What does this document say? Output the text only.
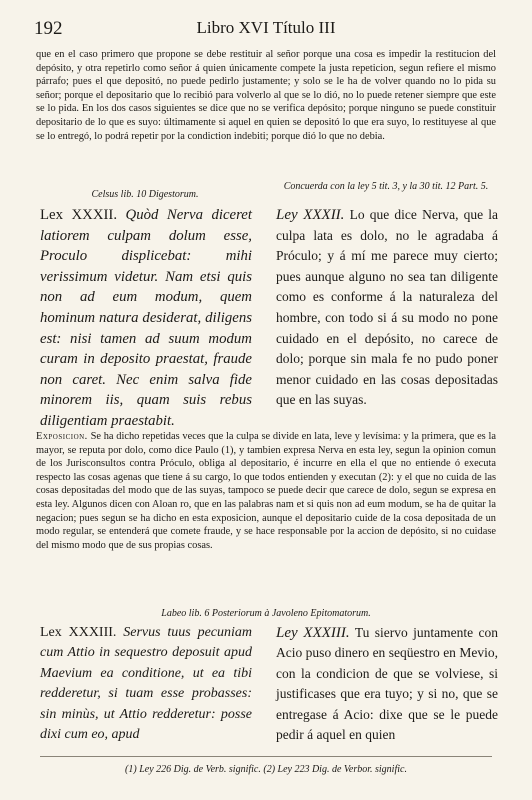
192	Libro XVI Título III

que en el caso primero que propone se debe restituir al señor porque una cosa es impedir la restitucion del depósito, y otra repetirlo como señor á quien únicamente compete la justa repeticion, segun refiere el mismo párrafo; pues el que depositó, no puede pedirlo justamente; y solo se le ha de volver quando no lo pida su señor; porque el depositario que lo recibió para volverlo al que se lo dió, no lo puede retener siempre que este se lo pida. En los dos casos siguientes se dice que no se verifica depósito; porque ninguno se puede constituir depositario de lo que es suyo: últimamente si aquel en quien se depositó lo que era suyo, lo restituyese al que se lo entregó, lo podrá repetir por la condiction indebiti; porque dió lo que no debia.

Celsus lib. 10 Digestorum.
Concuerda con la ley 5 tit. 3, y la 30 tit. 12 Part. 5.

Lex XXXII. Quòd Nerva diceret latiorem culpam dolum esse, Proculo displicebat: mihi verissimum videtur. Nam etsi quis non ad eum modum, quem hominum natura desiderat, diligens est: nisi tamen ad suum modum curam in deposito praestat, fraude non caret. Nec enim salva fide minorem iis, quam suis rebus diligentiam praestabit.

Ley XXXII. Lo que dice Nerva, que la culpa lata es dolo, no le agradaba á Próculo; y á mí me parece muy cierto; pues aunque alguno no sea tan diligente como es conforme á la naturaleza del hombre, con todo si á su modo no pone cuidado en el depósito, no carece de dolo; porque sin mala fe no pudo poner menor cuidado en las cosas depositadas que en las suyas.

Exposicion. Se ha dicho repetidas veces que la culpa se divide en lata, leve y levísima: y la primera, que es la mayor, se reputa por dolo, como dice Paulo (1), y tambien expresa Nerva en esta ley, segun la opinion comun de los Jurisconsultos contra Próculo, obliga al depositario, é incurre en ella el que no entiende ó executa respecto las cosas agenas que tiene á su cargo, lo que todos entienden y executan (2): y el que no cuida de las cosas depositadas del modo que de las suyas, tampoco se puede decir que carece de dolo, segun se expresa en esta ley. Algunos dicen con Aloan ro, que en las palabras nam et si quis non ad eum modum, se ha de quitar la negacion; pues segun se ha dicho en esta exposicion, aunque el depositario cuide de la cosa depositada de un modo regular, se entenderá que comete fraude, y se hace responsable por la accion de depósito, si no cuidase del mismo modo que de sus propias cosas.

Labeo lib. 6 Posteriorum à Javoleno Epitomatorum.

Lex XXXIII. Servus tuus pecuniam cum Attio in sequestro deposuit apud Maevium ea conditione, ut ea tibi redderetur, si tuam esse probasses: sin minùs, ut Attio redderetur: posse dixi cum eo, apud

Ley XXXIII. Tu siervo juntamente con Acio puso dinero en seqüestro en Mevio, con la condicion de que se volviese, si justificases que era tuyo; y si no, que se entregase á Acio: dixe que se le puede pedir á aquel en quien

(1) Ley 226 Dig. de Verb. signific. (2) Ley 223 Dig. de Verbor. signific.
